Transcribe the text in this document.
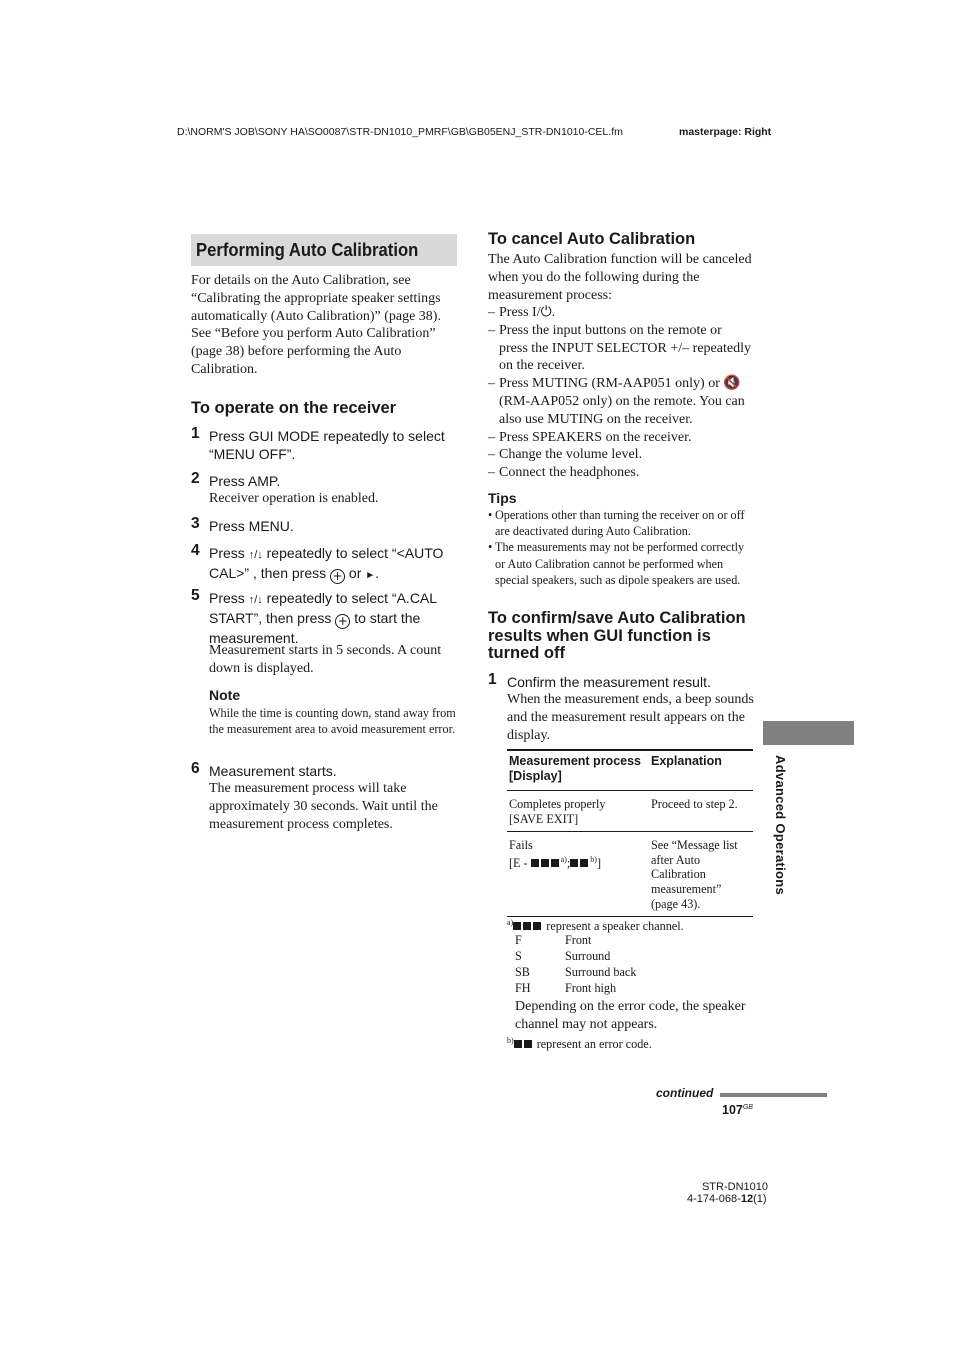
D:\NORM'S JOB\SONY HA\SO0087\STR-DN1010_PMRF\GB\GB05ENJ_STR-DN1010-CEL.fm	masterpage: Right
Performing Auto Calibration
For details on the Auto Calibration, see “Calibrating the appropriate speaker settings automatically (Auto Calibration)” (page 38). See “Before you perform Auto Calibration” (page 38) before performing the Auto Calibration.
To operate on the receiver
1 Press GUI MODE repeatedly to select “MENU OFF”.
2 Press AMP.
Receiver operation is enabled.
3 Press MENU.
4 Press ↑/↓ repeatedly to select “<AUTO CAL>” , then press + or ►.
5 Press ↑/↓ repeatedly to select “A.CAL START”, then press + to start the measurement.
Measurement starts in 5 seconds. A count down is displayed.
Note
While the time is counting down, stand away from the measurement area to avoid measurement error.
6 Measurement starts.
The measurement process will take approximately 30 seconds. Wait until the measurement process completes.
To cancel Auto Calibration
The Auto Calibration function will be canceled when you do the following during the measurement process:
– Press I/⏻.
– Press the input buttons on the remote or press the INPUT SELECTOR +/– repeatedly on the receiver.
– Press MUTING (RM-AAP051 only) or 🔇 (RM-AAP052 only) on the remote. You can also use MUTING on the receiver.
– Press SPEAKERS on the receiver.
– Change the volume level.
– Connect the headphones.
Tips
• Operations other than turning the receiver on or off are deactivated during Auto Calibration.
• The measurements may not be performed correctly or Auto Calibration cannot be performed when special speakers, such as dipole speakers are used.
To confirm/save Auto Calibration results when GUI function is turned off
1 Confirm the measurement result.
When the measurement ends, a beep sounds and the measurement result appears on the display.
Measurement process [Display]	Explanation

Completes properly
[SAVE EXIT]	Proceed to step 2.

Fails
[E - $^{a)}$; $^{b)}$]	See “Message list after Auto Calibration measurement” (page 43).
$^{a)}$	represent a speaker channel.
F	Front
S	Surround
SB	Surround back
FH	Front high
Depending on the error code, the speaker channel may not appears.
$^{b)}$ represent an error code.
Advanced Operations
continued
$107^{GB}$
STR-DN1010
4-174-068-12(1)
